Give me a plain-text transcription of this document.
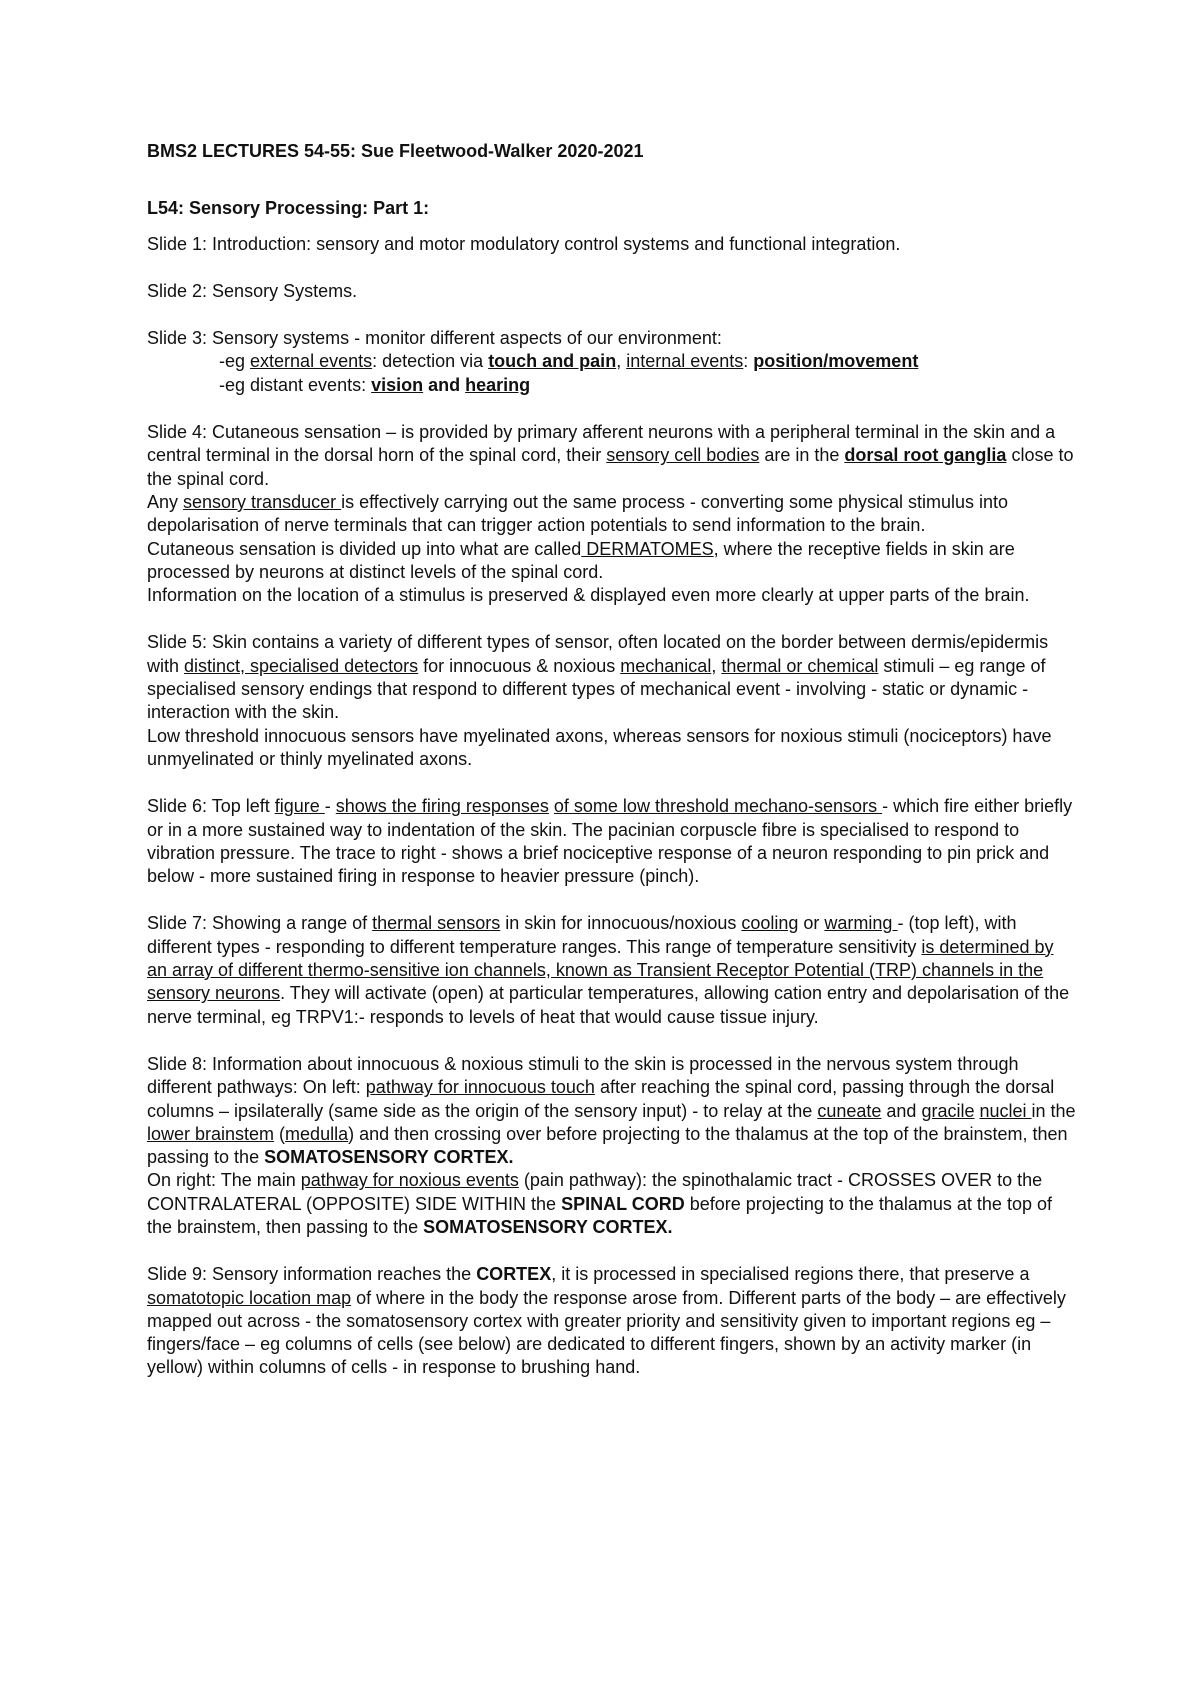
BMS2 LECTURES 54-55: Sue Fleetwood-Walker 2020-2021

L54: Sensory Processing: Part 1:

Slide 1: Introduction: sensory and motor modulatory control systems and functional integration.

Slide 2: Sensory Systems.

Slide 3: Sensory systems - monitor different aspects of our environment:

-eg external events: detection via touch and pain, internal events: position/movement

-eg distant events: vision and hearing

Slide 4: Cutaneous sensation – is provided by primary afferent neurons with a peripheral terminal in the skin and a central terminal in the dorsal horn of the spinal cord, their sensory cell bodies are in the dorsal root ganglia close to the spinal cord.

Any sensory transducer is effectively carrying out the same process - converting some physical stimulus into depolarisation of nerve terminals that can trigger action potentials to send information to the brain.

Cutaneous sensation is divided up into what are called DERMATOMES, where the receptive fields in skin are processed by neurons at distinct levels of the spinal cord.

Information on the location of a stimulus is preserved & displayed even more clearly at upper parts of the brain.

Slide 5: Skin contains a variety of different types of sensor, often located on the border between dermis/epidermis with distinct, specialised detectors for innocuous & noxious mechanical, thermal or chemical stimuli – eg range of specialised sensory endings that respond to different types of mechanical event - involving - static or dynamic - interaction with the skin.

Low threshold innocuous sensors have myelinated axons, whereas sensors for noxious stimuli (nociceptors) have unmyelinated or thinly myelinated axons.

Slide 6: Top left figure - shows the firing responses of some low threshold mechano-sensors - which fire either briefly or in a more sustained way to indentation of the skin. The pacinian corpuscle fibre is specialised to respond to vibration pressure. The trace to right - shows a brief nociceptive response of a neuron responding to pin prick and below - more sustained firing in response to heavier pressure (pinch).

Slide 7: Showing a range of thermal sensors in skin for innocuous/noxious cooling or warming - (top left), with different types - responding to different temperature ranges. This range of temperature sensitivity is determined by an array of different thermo-sensitive ion channels, known as Transient Receptor Potential (TRP) channels in the sensory neurons. They will activate (open) at particular temperatures, allowing cation entry and depolarisation of the nerve terminal, eg TRPV1:- responds to levels of heat that would cause tissue injury.

Slide 8: Information about innocuous & noxious stimuli to the skin is processed in the nervous system through different pathways: On left: pathway for innocuous touch after reaching the spinal cord, passing through the dorsal columns – ipsilaterally (same side as the origin of the sensory input) - to relay at the cuneate and gracile nuclei in the lower brainstem (medulla) and then crossing over before projecting to the thalamus at the top of the brainstem, then passing to the SOMATOSENSORY CORTEX.

On right: The main pathway for noxious events (pain pathway): the spinothalamic tract - CROSSES OVER to the CONTRALATERAL (OPPOSITE) SIDE WITHIN the SPINAL CORD before projecting to the thalamus at the top of the brainstem, then passing to the SOMATOSENSORY CORTEX.

Slide 9: Sensory information reaches the CORTEX, it is processed in specialised regions there, that preserve a somatotopic location map of where in the body the response arose from. Different parts of the body – are effectively mapped out across - the somatosensory cortex with greater priority and sensitivity given to important regions eg – fingers/face – eg columns of cells (see below) are dedicated to different fingers, shown by an activity marker (in yellow) within columns of cells - in response to brushing hand.
